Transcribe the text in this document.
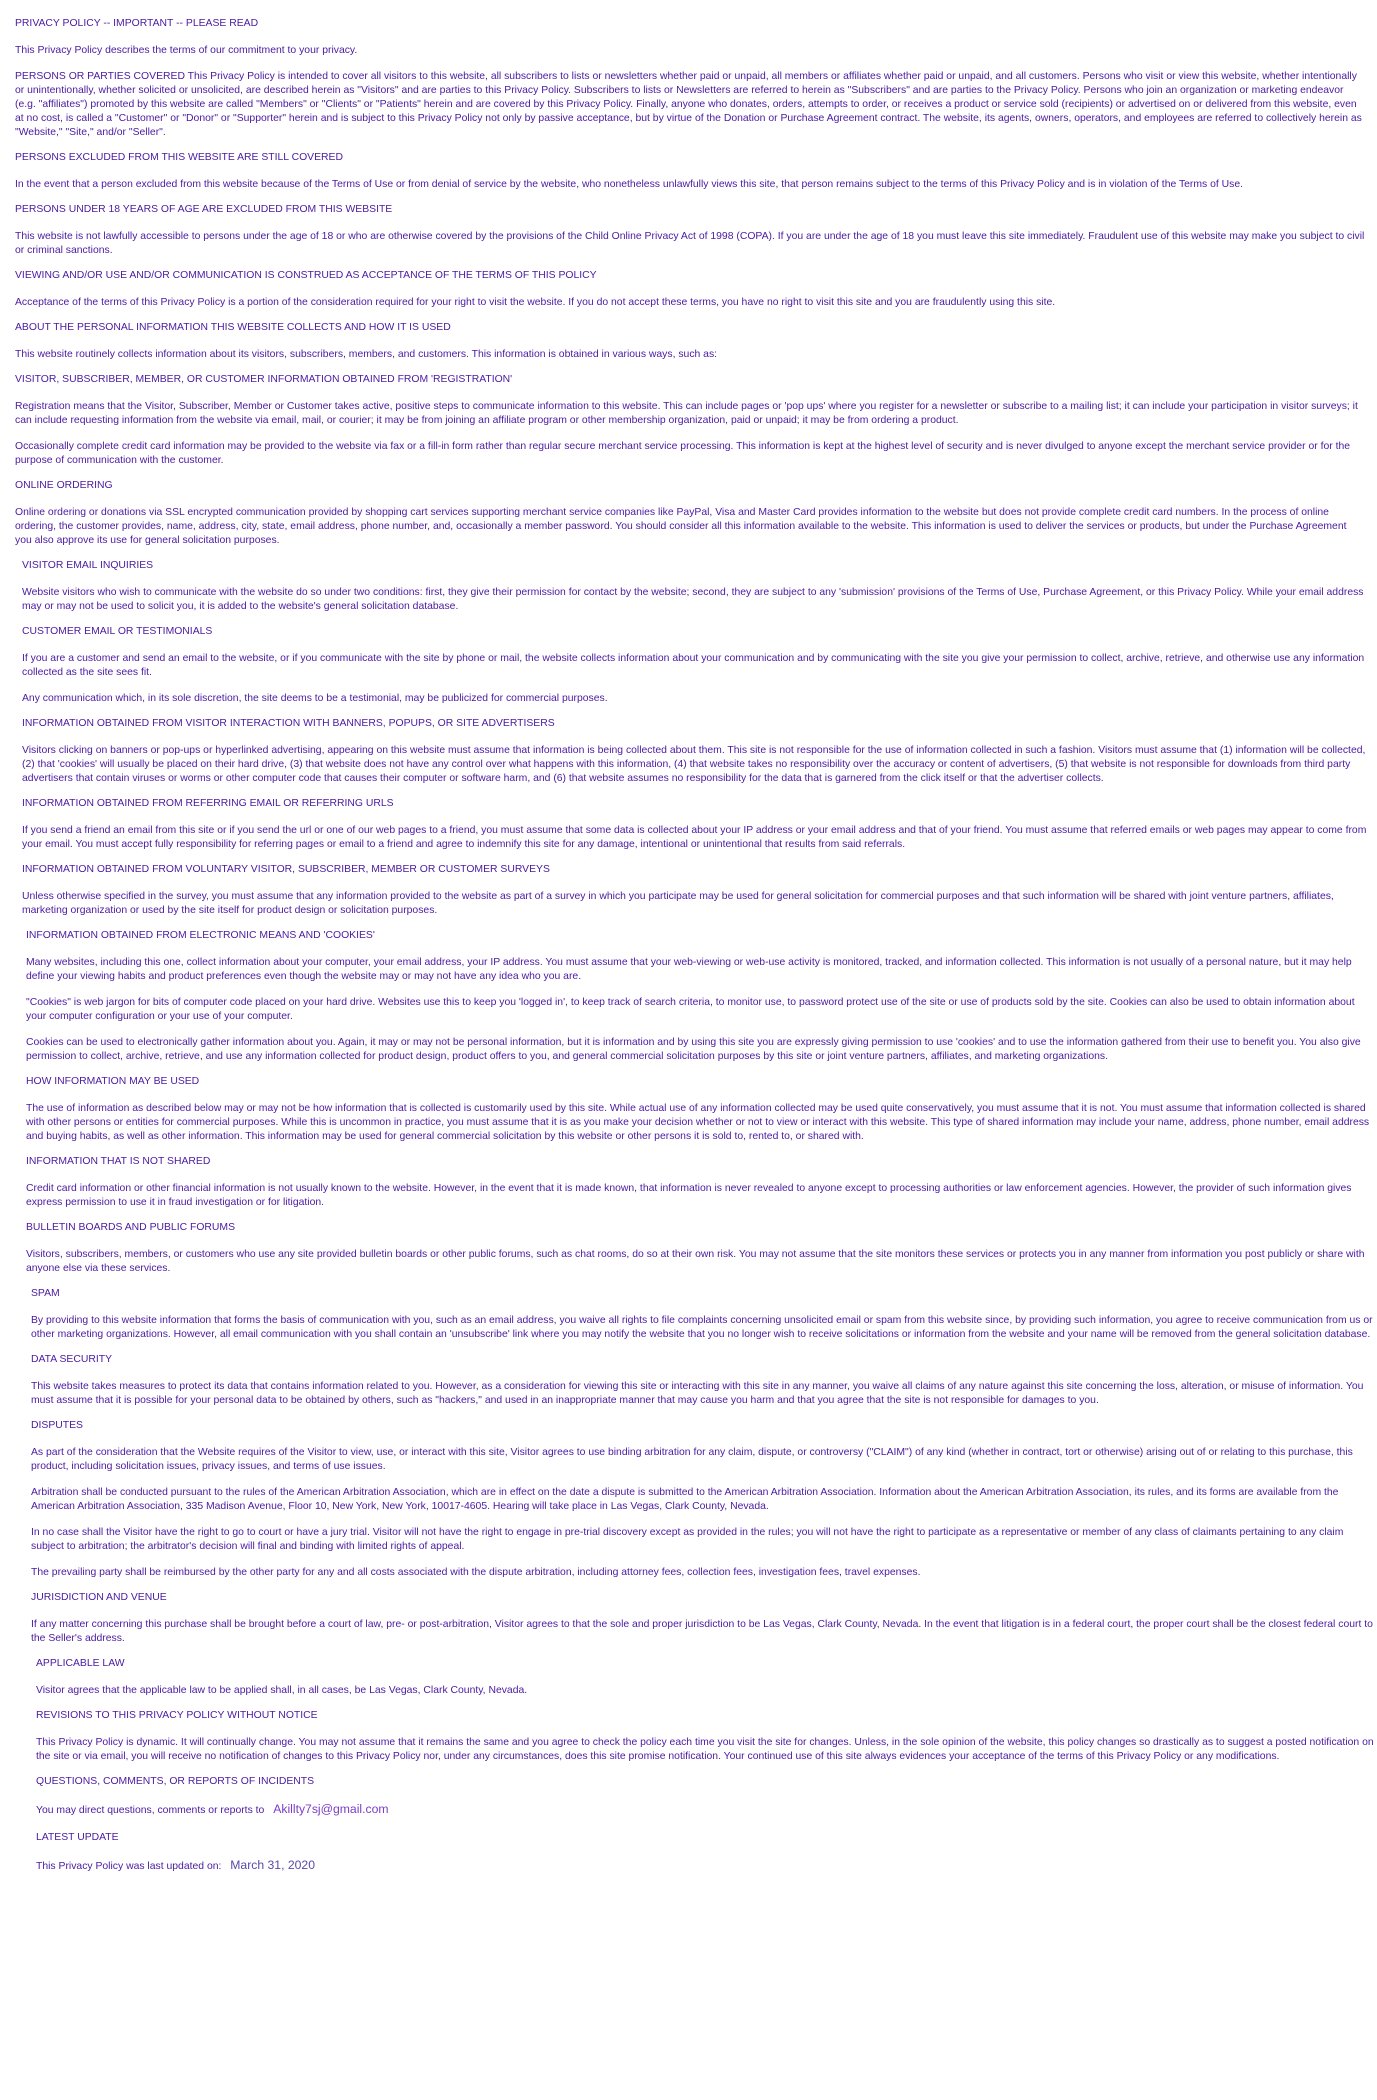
PRIVACY POLICY -- IMPORTANT -- PLEASE READ
This Privacy Policy describes the terms of our commitment to your privacy.
PERSONS OR PARTIES COVERED This Privacy Policy is intended to cover all visitors to this website, all subscribers to lists or newsletters whether paid or unpaid, all members or affiliates whether paid or unpaid, and all customers. Persons who visit or view this website, whether intentionally or unintentionally, whether solicited or unsolicited, are described herein as "Visitors" and are parties to this Privacy Policy. Subscribers to lists or Newsletters are referred to herein as "Subscribers" and are parties to the Privacy Policy. Persons who join an organization or marketing endeavor (e.g. "affiliates") promoted by this website are called "Members" or "Clients" or "Patients" herein and are covered by this Privacy Policy. Finally, anyone who donates, orders, attempts to order, or receives a product or service sold (recipients) or advertised on or delivered from this website, even at no cost, is called a "Customer" or "Donor" or "Supporter" herein and is subject to this Privacy Policy not only by passive acceptance, but by virtue of the Donation or Purchase Agreement contract. The website, its agents, owners, operators, and employees are referred to collectively herein as "Website," "Site," and/or "Seller".
PERSONS EXCLUDED FROM THIS WEBSITE ARE STILL COVERED
In the event that a person excluded from this website because of the Terms of Use or from denial of service by the website, who nonetheless unlawfully views this site, that person remains subject to the terms of this Privacy Policy and is in violation of the Terms of Use.
PERSONS UNDER 18 YEARS OF AGE ARE EXCLUDED FROM THIS WEBSITE
This website is not lawfully accessible to persons under the age of 18 or who are otherwise covered by the provisions of the Child Online Privacy Act of 1998 (COPA). If you are under the age of 18 you must leave this site immediately. Fraudulent use of this website may make you subject to civil or criminal sanctions.
VIEWING AND/OR USE AND/OR COMMUNICATION IS CONSTRUED AS ACCEPTANCE OF THE TERMS OF THIS POLICY
Acceptance of the terms of this Privacy Policy is a portion of the consideration required for your right to visit the website. If you do not accept these terms, you have no right to visit this site and you are fraudulently using this site.
ABOUT THE PERSONAL INFORMATION THIS WEBSITE COLLECTS AND HOW IT IS USED
This website routinely collects information about its visitors, subscribers, members, and customers. This information is obtained in various ways, such as:
VISITOR, SUBSCRIBER, MEMBER, OR CUSTOMER INFORMATION OBTAINED FROM 'REGISTRATION'
Registration means that the Visitor, Subscriber, Member or Customer takes active, positive steps to communicate information to this website. This can include pages or 'pop ups' where you register for a newsletter or subscribe to a mailing list; it can include your participation in visitor surveys; it can include requesting information from the website via email, mail, or courier; it may be from joining an affiliate program or other membership organization, paid or unpaid; it may be from ordering a product.
Occasionally complete credit card information may be provided to the website via fax or a fill-in form rather than regular secure merchant service processing. This information is kept at the highest level of security and is never divulged to anyone except the merchant service provider or for the purpose of communication with the customer.
ONLINE ORDERING
Online ordering or donations via SSL encrypted communication provided by shopping cart services supporting merchant service companies like PayPal, Visa and Master Card provides information to the website but does not provide complete credit card numbers. In the process of online ordering, the customer provides, name, address, city, state, email address, phone number, and, occasionally a member password. You should consider all this information available to the website. This information is used to deliver the services or products, but under the Purchase Agreement you also approve its use for general solicitation purposes.
VISITOR EMAIL INQUIRIES
Website visitors who wish to communicate with the website do so under two conditions: first, they give their permission for contact by the website; second, they are subject to any 'submission' provisions of the Terms of Use, Purchase Agreement, or this Privacy Policy. While your email address may or may not be used to solicit you, it is added to the website's general solicitation database.
CUSTOMER EMAIL OR TESTIMONIALS
If you are a customer and send an email to the website, or if you communicate with the site by phone or mail, the website collects information about your communication and by communicating with the site you give your permission to collect, archive, retrieve, and otherwise use any information collected as the site sees fit.
Any communication which, in its sole discretion, the site deems to be a testimonial, may be publicized for commercial purposes.
INFORMATION OBTAINED FROM VISITOR INTERACTION WITH BANNERS, POPUPS, OR SITE ADVERTISERS
Visitors clicking on banners or pop-ups or hyperlinked advertising, appearing on this website must assume that information is being collected about them. This site is not responsible for the use of information collected in such a fashion. Visitors must assume that (1) information will be collected, (2) that 'cookies' will usually be placed on their hard drive, (3) that website does not have any control over what happens with this information, (4) that website takes no responsibility over the accuracy or content of advertisers, (5) that website is not responsible for downloads from third party advertisers that contain viruses or worms or other computer code that causes their computer or software harm, and (6) that website assumes no responsibility for the data that is garnered from the click itself or that the advertiser collects.
INFORMATION OBTAINED FROM REFERRING EMAIL OR REFERRING URLS
If you send a friend an email from this site or if you send the url or one of our web pages to a friend, you must assume that some data is collected about your IP address or your email address and that of your friend. You must assume that referred emails or web pages may appear to come from your email. You must accept fully responsibility for referring pages or email to a friend and agree to indemnify this site for any damage, intentional or unintentional that results from said referrals.
INFORMATION OBTAINED FROM VOLUNTARY VISITOR, SUBSCRIBER, MEMBER OR CUSTOMER SURVEYS
Unless otherwise specified in the survey, you must assume that any information provided to the website as part of a survey in which you participate may be used for general solicitation for commercial purposes and that such information will be shared with joint venture partners, affiliates, marketing organization or used by the site itself for product design or solicitation purposes.
INFORMATION OBTAINED FROM ELECTRONIC MEANS AND 'COOKIES'
Many websites, including this one, collect information about your computer, your email address, your IP address. You must assume that your web-viewing or web-use activity is monitored, tracked, and information collected. This information is not usually of a personal nature, but it may help define your viewing habits and product preferences even though the website may or may not have any idea who you are.
"Cookies" is web jargon for bits of computer code placed on your hard drive. Websites use this to keep you 'logged in', to keep track of search criteria, to monitor use, to password protect use of the site or use of products sold by the site. Cookies can also be used to obtain information about your computer configuration or your use of your computer.
Cookies can be used to electronically gather information about you. Again, it may or may not be personal information, but it is information and by using this site you are expressly giving permission to use 'cookies' and to use the information gathered from their use to benefit you. You also give permission to collect, archive, retrieve, and use any information collected for product design, product offers to you, and general commercial solicitation purposes by this site or joint venture partners, affiliates, and marketing organizations.
HOW INFORMATION MAY BE USED
The use of information as described below may or may not be how information that is collected is customarily used by this site. While actual use of any information collected may be used quite conservatively, you must assume that it is not. You must assume that information collected is shared with other persons or entities for commercial purposes. While this is uncommon in practice, you must assume that it is as you make your decision whether or not to view or interact with this website. This type of shared information may include your name, address, phone number, email address and buying habits, as well as other information. This information may be used for general commercial solicitation by this website or other persons it is sold to, rented to, or shared with.
INFORMATION THAT IS NOT SHARED
Credit card information or other financial information is not usually known to the website. However, in the event that it is made known, that information is never revealed to anyone except to processing authorities or law enforcement agencies. However, the provider of such information gives express permission to use it in fraud investigation or for litigation.
BULLETIN BOARDS AND PUBLIC FORUMS
Visitors, subscribers, members, or customers who use any site provided bulletin boards or other public forums, such as chat rooms, do so at their own risk. You may not assume that the site monitors these services or protects you in any manner from information you post publicly or share with anyone else via these services.
SPAM
By providing to this website information that forms the basis of communication with you, such as an email address, you waive all rights to file complaints concerning unsolicited email or spam from this website since, by providing such information, you agree to receive communication from us or other marketing organizations. However, all email communication with you shall contain an 'unsubscribe' link where you may notify the website that you no longer wish to receive solicitations or information from the website and your name will be removed from the general solicitation database.
DATA SECURITY
This website takes measures to protect its data that contains information related to you. However, as a consideration for viewing this site or interacting with this site in any manner, you waive all claims of any nature against this site concerning the loss, alteration, or misuse of information. You must assume that it is possible for your personal data to be obtained by others, such as "hackers," and used in an inappropriate manner that may cause you harm and that you agree that the site is not responsible for damages to you.
DISPUTES
As part of the consideration that the Website requires of the Visitor to view, use, or interact with this site, Visitor agrees to use binding arbitration for any claim, dispute, or controversy ("CLAIM") of any kind (whether in contract, tort or otherwise) arising out of or relating to this purchase, this product, including solicitation issues, privacy issues, and terms of use issues.
Arbitration shall be conducted pursuant to the rules of the American Arbitration Association, which are in effect on the date a dispute is submitted to the American Arbitration Association. Information about the American Arbitration Association, its rules, and its forms are available from the American Arbitration Association, 335 Madison Avenue, Floor 10, New York, New York, 10017-4605. Hearing will take place in Las Vegas, Clark County, Nevada.
In no case shall the Visitor have the right to go to court or have a jury trial. Visitor will not have the right to engage in pre-trial discovery except as provided in the rules; you will not have the right to participate as a representative or member of any class of claimants pertaining to any claim subject to arbitration; the arbitrator's decision will final and binding with limited rights of appeal.
The prevailing party shall be reimbursed by the other party for any and all costs associated with the dispute arbitration, including attorney fees, collection fees, investigation fees, travel expenses.
JURISDICTION AND VENUE
If any matter concerning this purchase shall be brought before a court of law, pre- or post-arbitration, Visitor agrees to that the sole and proper jurisdiction to be Las Vegas, Clark County, Nevada. In the event that litigation is in a federal court, the proper court shall be the closest federal court to the Seller's address.
APPLICABLE LAW
Visitor agrees that the applicable law to be applied shall, in all cases, be Las Vegas, Clark County, Nevada.
REVISIONS TO THIS PRIVACY POLICY WITHOUT NOTICE
This Privacy Policy is dynamic. It will continually change. You may not assume that it remains the same and you agree to check the policy each time you visit the site for changes. Unless, in the sole opinion of the website, this policy changes so drastically as to suggest a posted notification on the site or via email, you will receive no notification of changes to this Privacy Policy nor, under any circumstances, does this site promise notification. Your continued use of this site always evidences your acceptance of the terms of this Privacy Policy or any modifications.
QUESTIONS, COMMENTS, OR REPORTS OF INCIDENTS
You may direct questions, comments or reports to Akillty7sj@gmail.com
LATEST UPDATE
This Privacy Policy was last updated on: March 31, 2020
